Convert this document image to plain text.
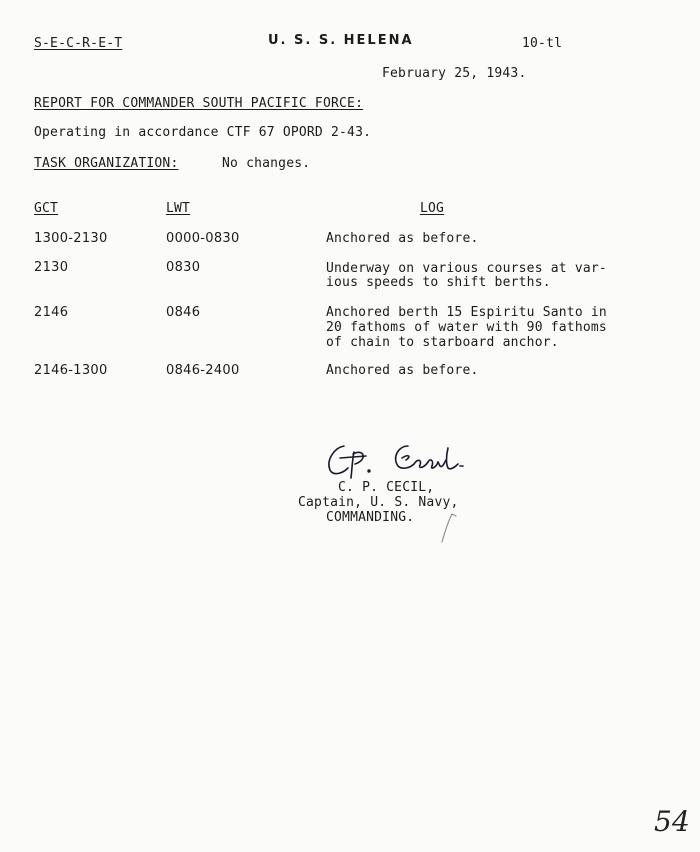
S-E-C-R-E-T	U. S. S. HELENA	10-tl
February 25, 1943.
REPORT FOR COMMANDER SOUTH PACIFIC FORCE:
Operating in accordance CTF 67 OPORD 2-43.
TASK ORGANIZATION:	No changes.
GCT	LWT	LOG
1300-2130	0000-0830	Anchored as before.
2130	0830	Underway on various courses at var-
ious speeds to shift berths.
2146	0846	Anchored berth 15 Espiritu Santo in
20 fathoms of water with 90 fathoms
of chain to starboard anchor.
2146-1300	0846-2400	Anchored as before.
C. P. CECIL,
Captain, U. S. Navy,
COMMANDING.
54
